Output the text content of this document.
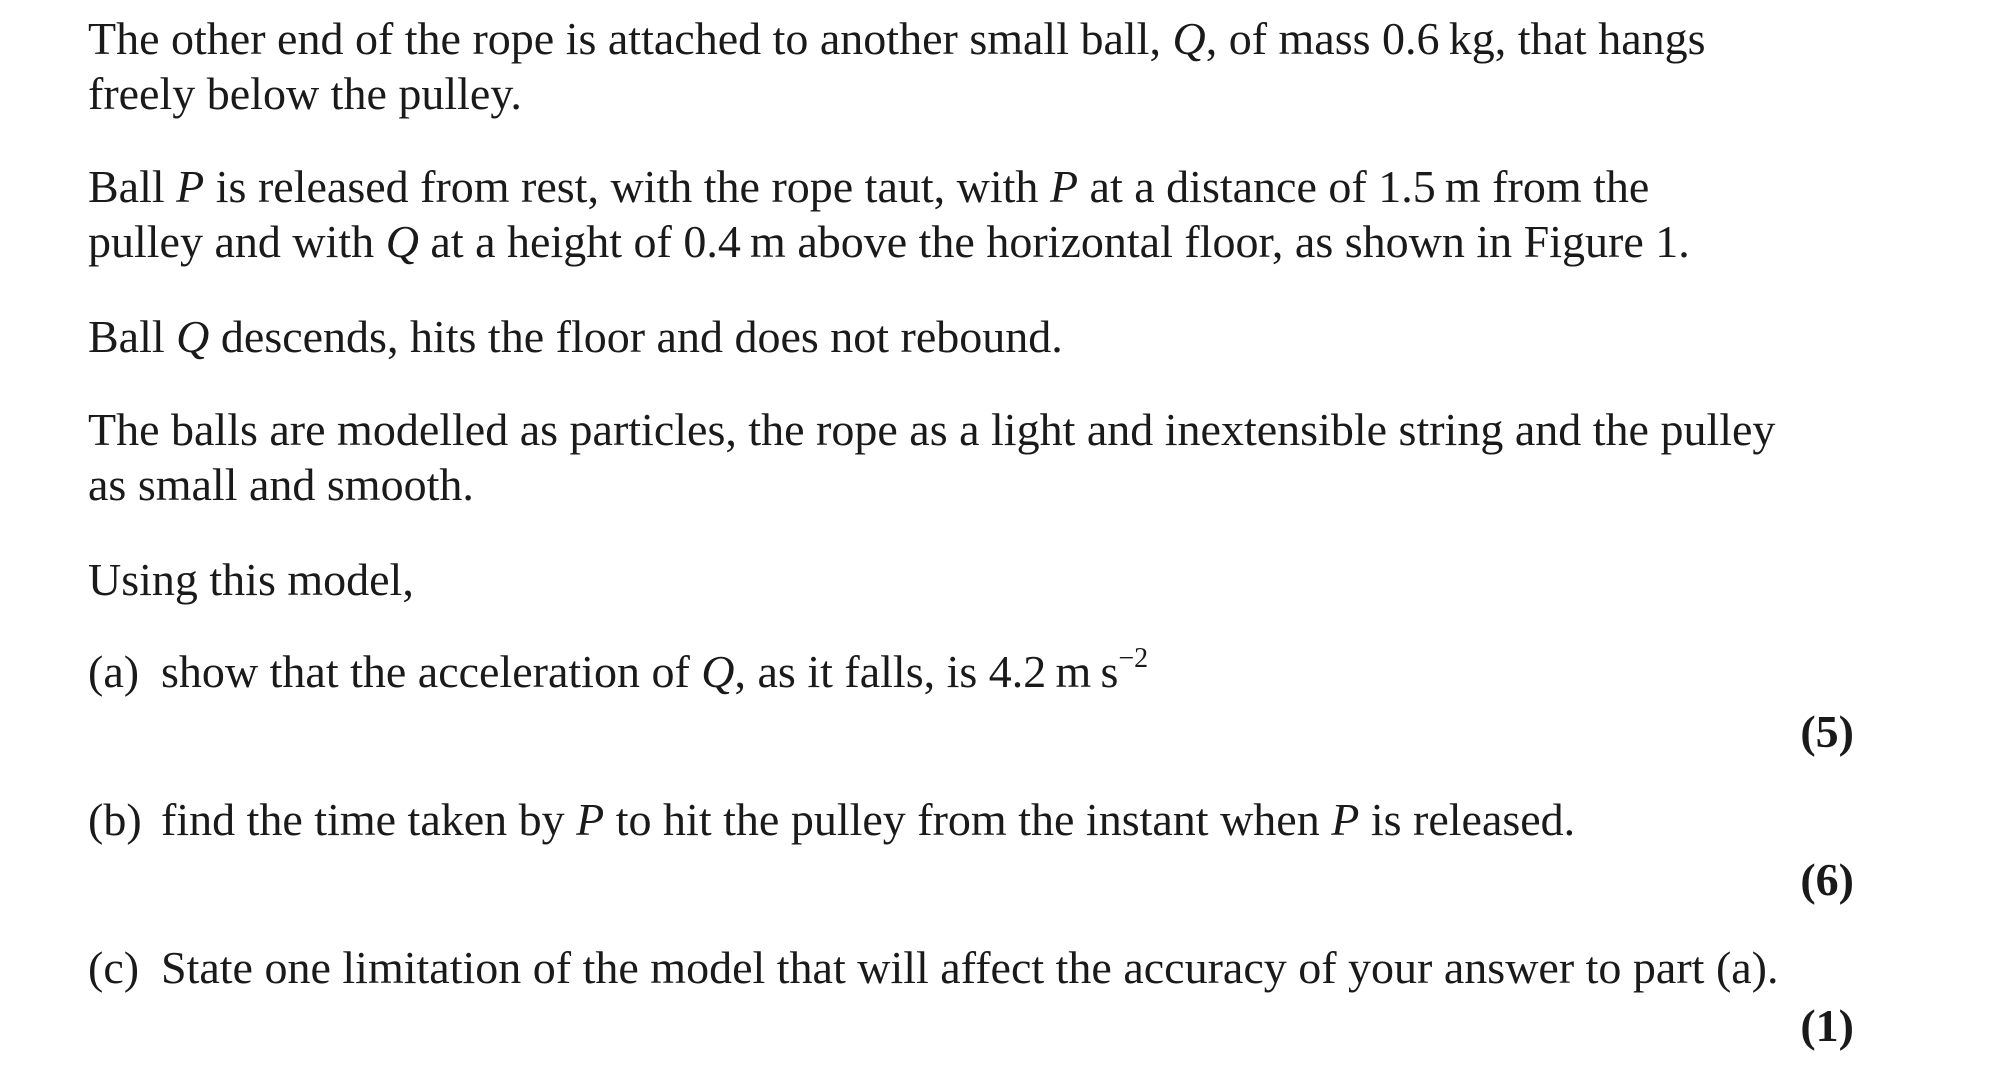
The other end of the rope is attached to another small ball, Q, of mass 0.6 kg, that hangs
freely below the pulley.
Ball P is released from rest, with the rope taut, with P at a distance of 1.5 m from the
pulley and with Q at a height of 0.4 m above the horizontal floor, as shown in Figure 1.
Ball Q descends, hits the floor and does not rebound.
The balls are modelled as particles, the rope as a light and inextensible string and the pulley
as small and smooth.
Using this model,
(a) show that the acceleration of Q, as it falls, is 4.2 m $s^{-2}$
(5)
(b) find the time taken by P to hit the pulley from the instant when P is released.
(6)
(c) State one limitation of the model that will affect the accuracy of your answer to part (a).
(1)
